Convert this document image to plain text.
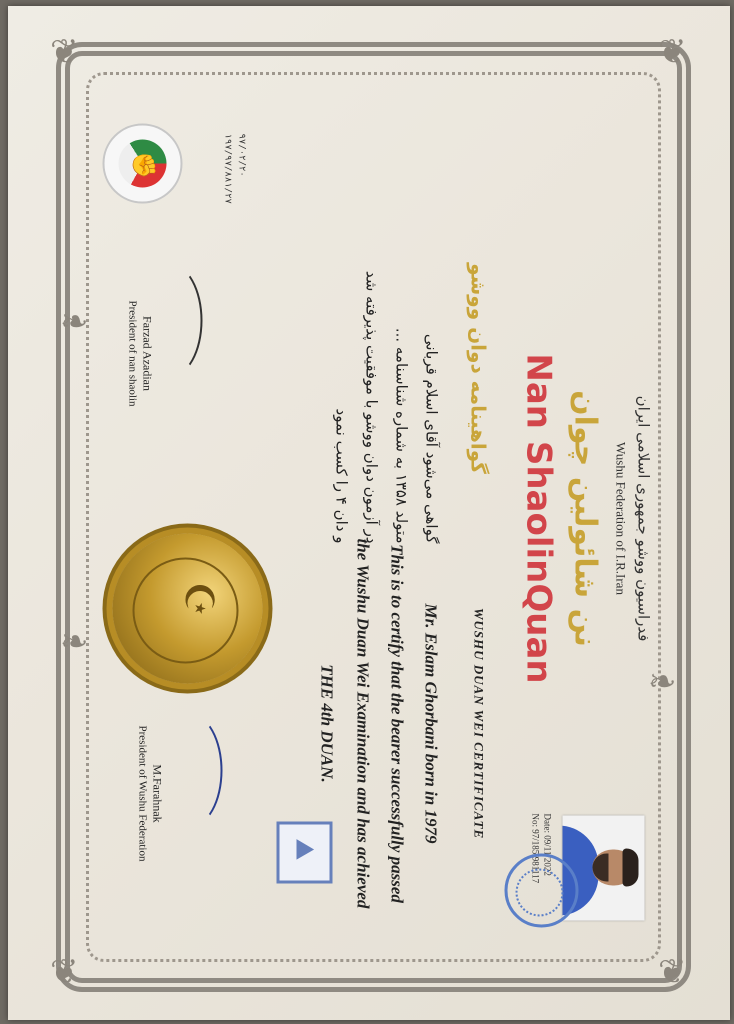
❦	❦
❦	❦
❧
❧
❧
فدراسیون ووشو جمهوری اسلامی ایران
Wushu Federation of I.R.Iran
نن شائولین چوان
Nan ShaolinQuan
گواهینامه دوان ووشو
گواهی می‌شود آقای اسلام قربانی
متولد ۱۳۵۸ به شماره شناسنامه ...
در آزمون دوان ووشو با موفقیت پذیرفته شد
و دان ۴ را کسب نمود
WUSHU DUAN WEI CERTIFICATE
Mr. Eslam Ghorbani born in 1979
This is to certify that the bearer successfully passed
the Wushu Duan Wei Examination and has achieved
THE 4th DUAN.
Date: 09/11/2022
No: 97/185/981117
⛰
☪
M.Farahnak
President of Wushu Federation
Farzad Azadian
President of nan shaolin
٩٧/٠٢/٢٠
١٩٧/٩٧/٨٨١/٢٧
✊
